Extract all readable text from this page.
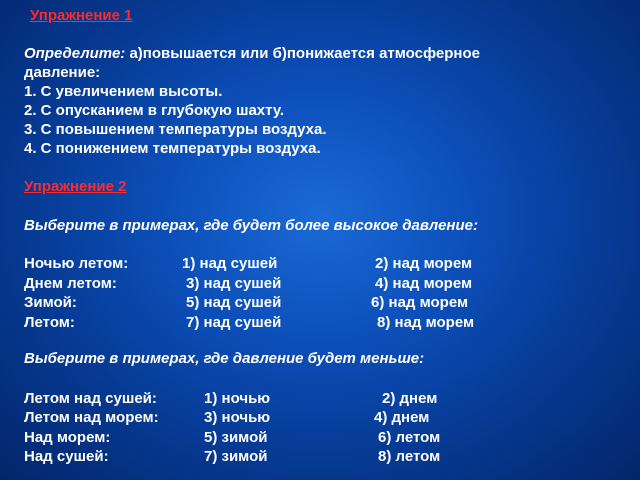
Упражнение 1
Определите: а)повышается или б)понижается атмосферное
давление:
1. С увеличением высоты.
2. С опусканием в глубокую шахту.
3. С повышением температуры воздуха.
4. С понижением температуры воздуха.
Упражнение 2
Выберите в примерах, где будет более высокое давление:
Ночью летом:	1) над сушей	2) над морем
Днем летом:	3) над сушей	4) над морем
Зимой:	5) над сушей	6) над морем
Летом:	7) над сушей	8) над морем
Выберите в примерах, где давление будет меньше:
Летом над сушей:	1) ночью	2) днем
Летом над морем:	3) ночью	4) днем
Над морем:	5) зимой	6) летом
Над сушей:	7) зимой	8) летом
